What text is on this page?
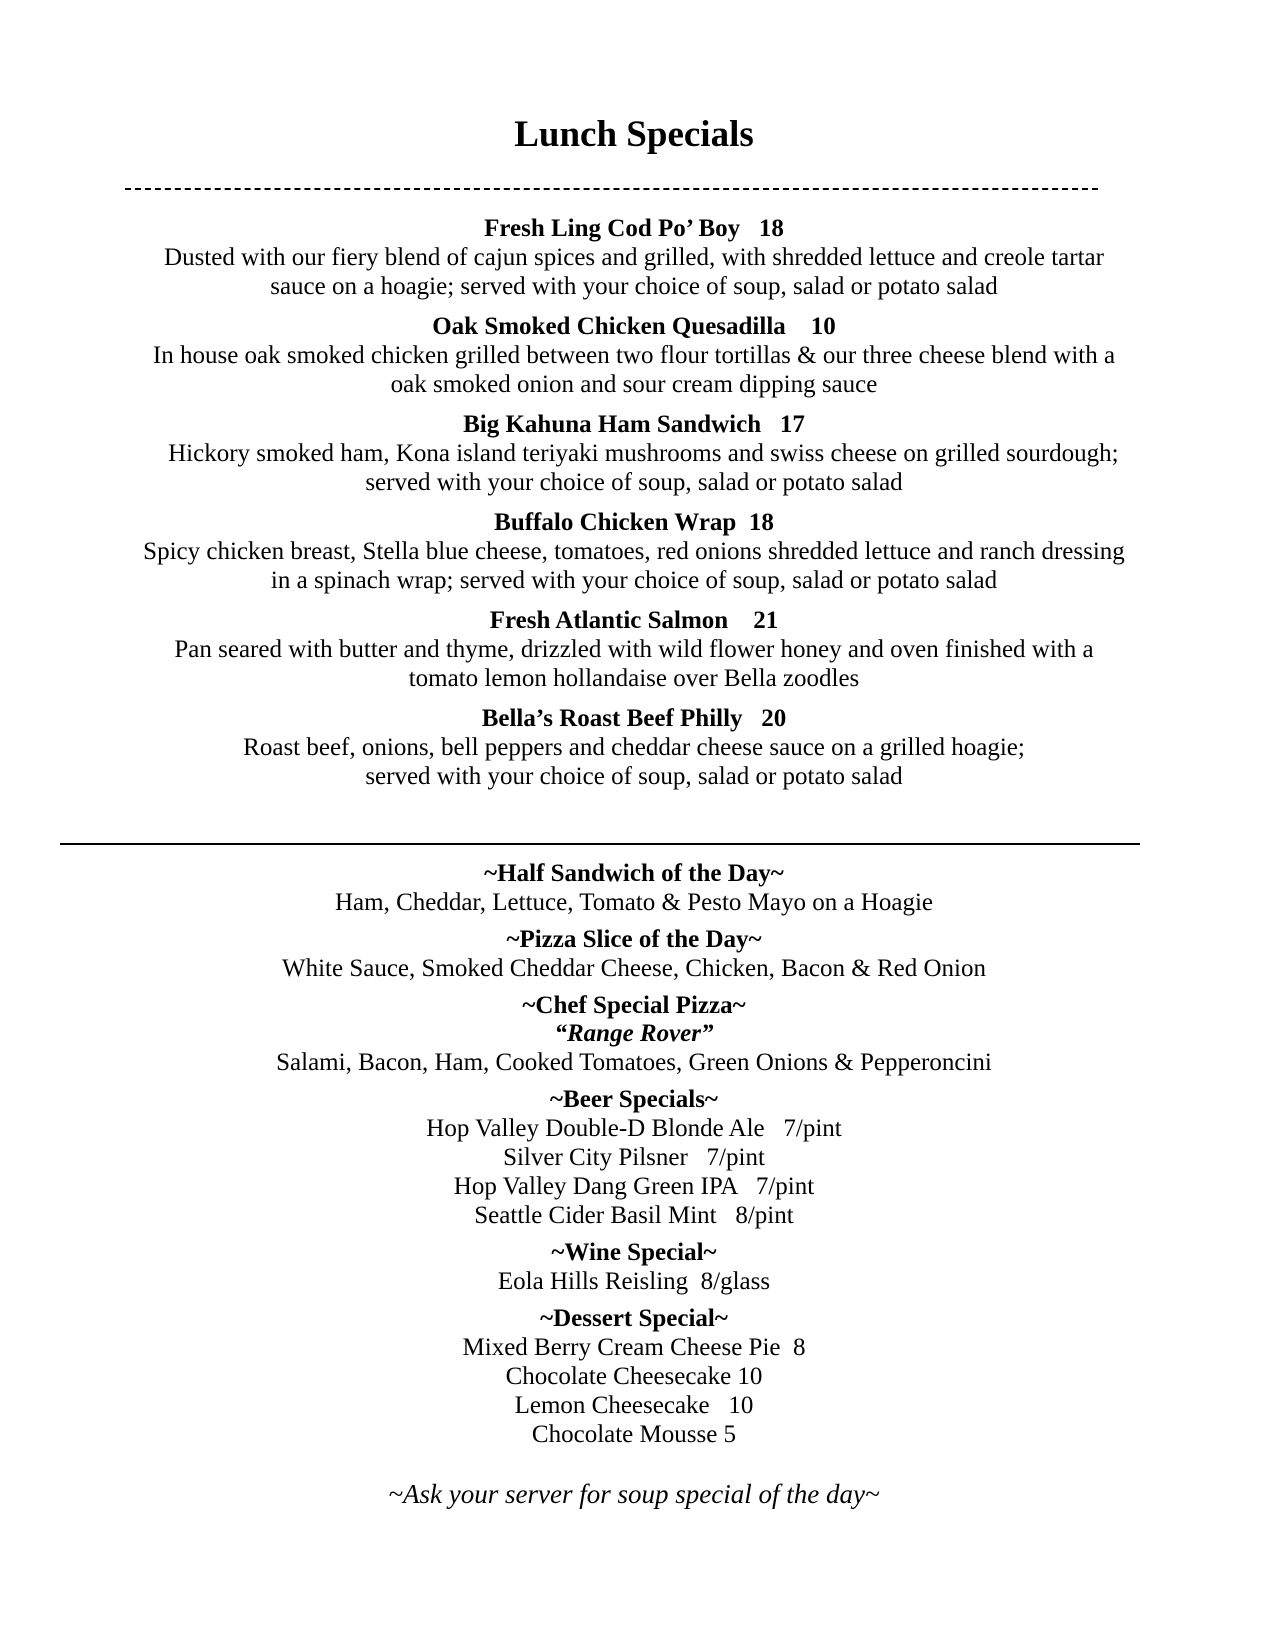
Lunch Specials
Fresh Ling Cod Po’ Boy   18
Dusted with our fiery blend of cajun spices and grilled, with shredded lettuce and creole tartar
sauce on a hoagie; served with your choice of soup, salad or potato salad
Oak Smoked Chicken Quesadilla    10
In house oak smoked chicken grilled between two flour tortillas & our three cheese blend with a
oak smoked onion and sour cream dipping sauce
Big Kahuna Ham Sandwich   17
Hickory smoked ham, Kona island teriyaki mushrooms and swiss cheese on grilled sourdough;
served with your choice of soup, salad or potato salad
Buffalo Chicken Wrap  18
Spicy chicken breast, Stella blue cheese, tomatoes, red onions shredded lettuce and ranch dressing
in a spinach wrap; served with your choice of soup, salad or potato salad
Fresh Atlantic Salmon    21
Pan seared with butter and thyme, drizzled with wild flower honey and oven finished with a
tomato lemon hollandaise over Bella zoodles
Bella’s Roast Beef Philly   20
Roast beef, onions, bell peppers and cheddar cheese sauce on a grilled hoagie;
served with your choice of soup, salad or potato salad
~Half Sandwich of the Day~
Ham, Cheddar, Lettuce, Tomato & Pesto Mayo on a Hoagie
~Pizza Slice of the Day~
White Sauce, Smoked Cheddar Cheese, Chicken, Bacon & Red Onion
~Chef Special Pizza~
“Range Rover”
Salami, Bacon, Ham, Cooked Tomatoes, Green Onions & Pepperoncini
~Beer Specials~
Hop Valley Double-D Blonde Ale   7/pint
Silver City Pilsner   7/pint
Hop Valley Dang Green IPA   7/pint
Seattle Cider Basil Mint   8/pint
~Wine Special~
Eola Hills Reisling  8/glass
~Dessert Special~
Mixed Berry Cream Cheese Pie  8
Chocolate Cheesecake 10
Lemon Cheesecake   10
Chocolate Mousse 5
~Ask your server for soup special of the day~
